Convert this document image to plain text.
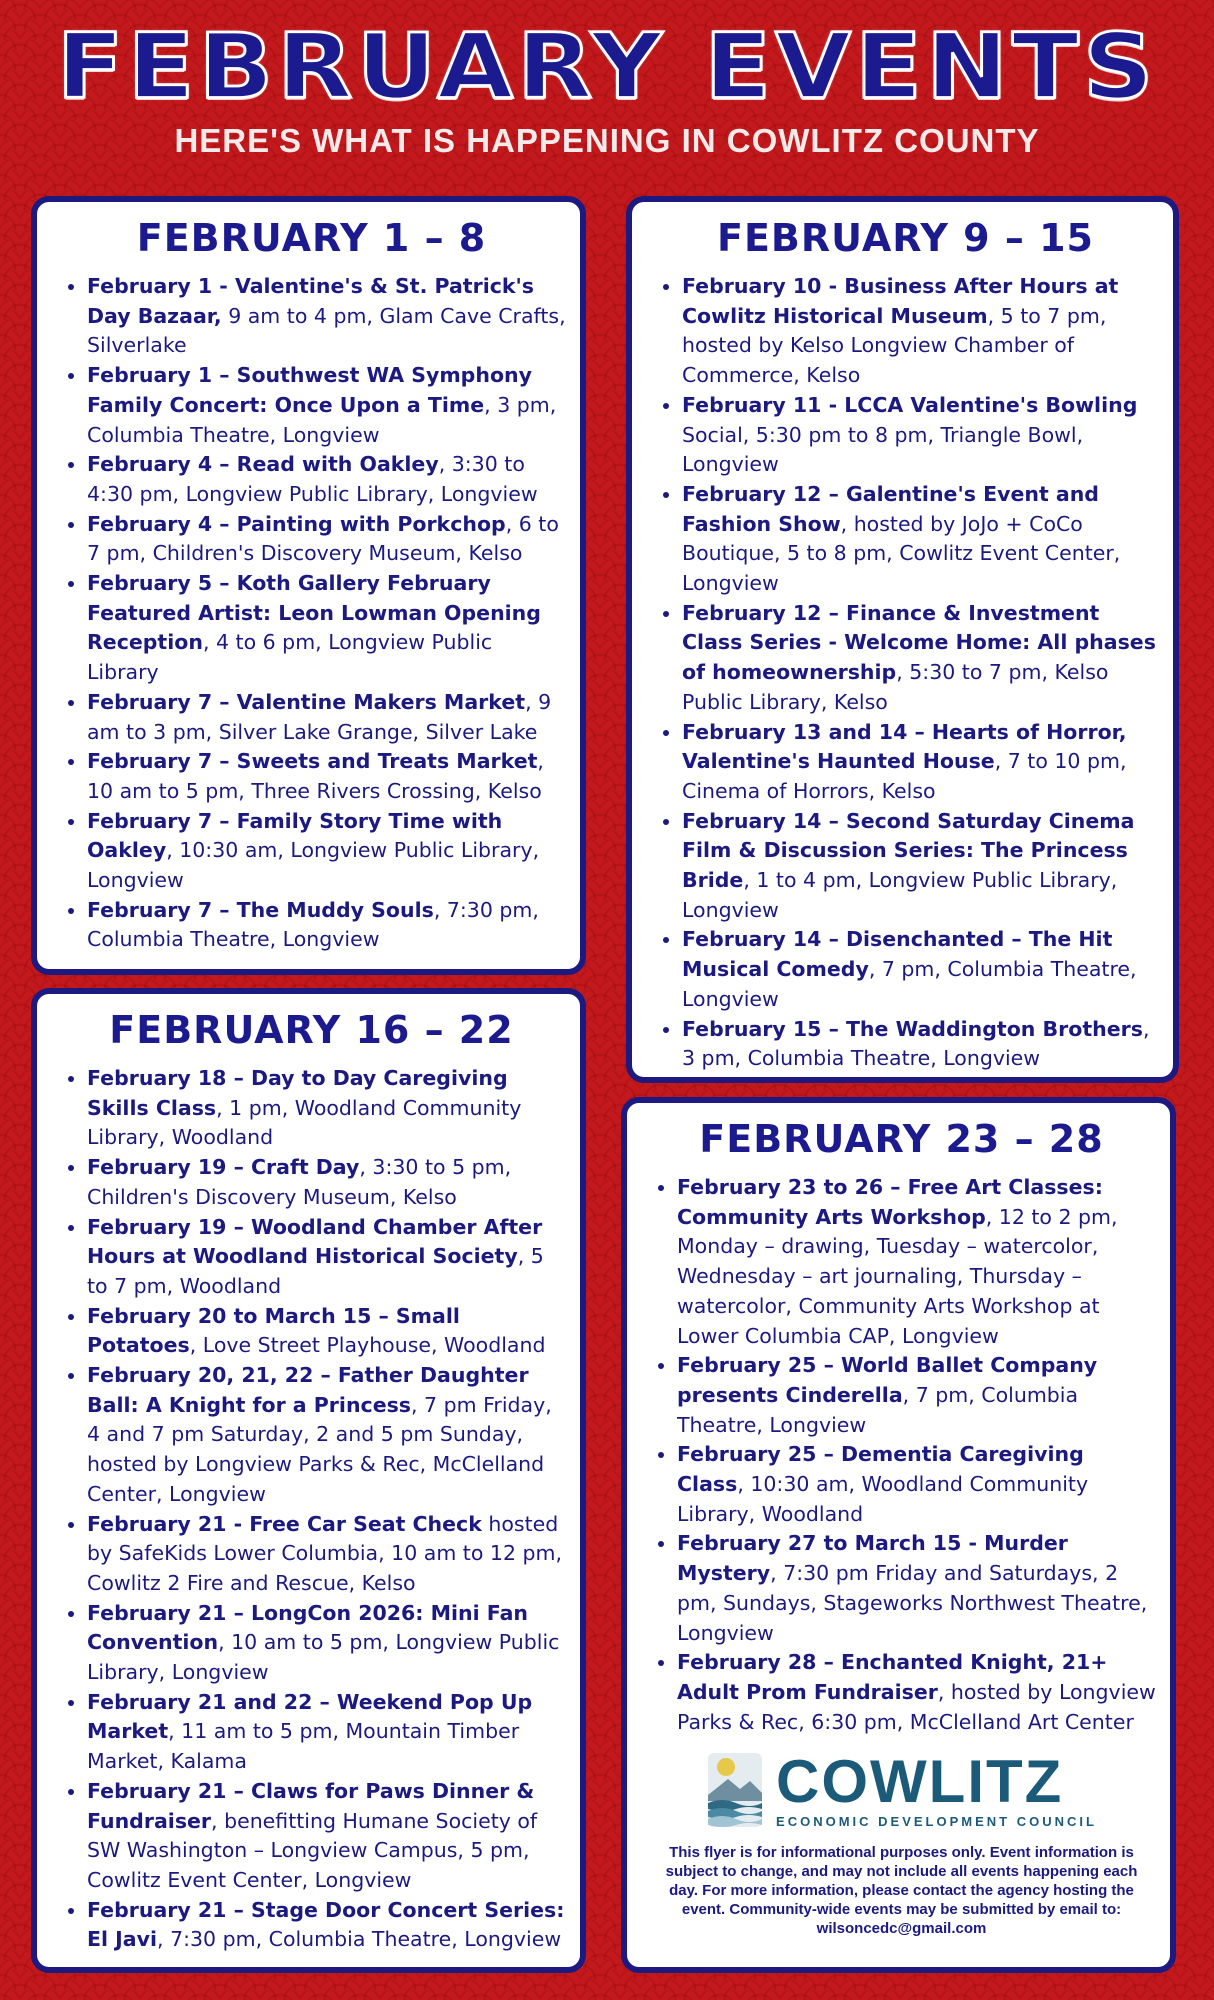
FEBRUARY EVENTS
HERE'S WHAT IS HAPPENING IN COWLITZ COUNTY
FEBRUARY 1 – 8
• February 1 - Valentine's & St. Patrick's Day Bazaar, 9 am to 4 pm, Glam Cave Crafts, Silverlake
• February 1 – Southwest WA Symphony Family Concert: Once Upon a Time, 3 pm, Columbia Theatre, Longview
• February 4 – Read with Oakley, 3:30 to 4:30 pm, Longview Public Library, Longview
• February 4 – Painting with Porkchop, 6 to 7 pm, Children's Discovery Museum, Kelso
• February 5 – Koth Gallery February Featured Artist: Leon Lowman Opening Reception, 4 to 6 pm, Longview Public Library
• February 7 – Valentine Makers Market, 9 am to 3 pm, Silver Lake Grange, Silver Lake
• February 7 – Sweets and Treats Market, 10 am to 5 pm, Three Rivers Crossing, Kelso
• February 7 – Family Story Time with Oakley, 10:30 am, Longview Public Library, Longview
• February 7 – The Muddy Souls, 7:30 pm, Columbia Theatre, Longview
FEBRUARY 9 – 15
• February 10 - Business After Hours at Cowlitz Historical Museum, 5 to 7 pm, hosted by Kelso Longview Chamber of Commerce, Kelso
• February 11 - LCCA Valentine's Bowling Social, 5:30 pm to 8 pm, Triangle Bowl, Longview
• February 12 – Galentine's Event and Fashion Show, hosted by JoJo + CoCo Boutique, 5 to 8 pm, Cowlitz Event Center, Longview
• February 12 – Finance & Investment Class Series - Welcome Home: All phases of homeownership, 5:30 to 7 pm, Kelso Public Library, Kelso
• February 13 and 14 – Hearts of Horror, Valentine's Haunted House, 7 to 10 pm, Cinema of Horrors, Kelso
• February 14 – Second Saturday Cinema Film & Discussion Series: The Princess Bride, 1 to 4 pm, Longview Public Library, Longview
• February 14 – Disenchanted – The Hit Musical Comedy, 7 pm, Columbia Theatre, Longview
• February 15 – The Waddington Brothers, 3 pm, Columbia Theatre, Longview
FEBRUARY 16 – 22
• February 18 – Day to Day Caregiving Skills Class, 1 pm, Woodland Community Library, Woodland
• February 19 – Craft Day, 3:30 to 5 pm, Children's Discovery Museum, Kelso
• February 19 – Woodland Chamber After Hours at Woodland Historical Society, 5 to 7 pm, Woodland
• February 20 to March 15 – Small Potatoes, Love Street Playhouse, Woodland
• February 20, 21, 22 – Father Daughter Ball: A Knight for a Princess, 7 pm Friday, 4 and 7 pm Saturday, 2 and 5 pm Sunday, hosted by Longview Parks & Rec, McClelland Center, Longview
• February 21 - Free Car Seat Check hosted by SafeKids Lower Columbia, 10 am to 12 pm, Cowlitz 2 Fire and Rescue, Kelso
• February 21 – LongCon 2026: Mini Fan Convention, 10 am to 5 pm, Longview Public Library, Longview
• February 21 and 22 – Weekend Pop Up Market, 11 am to 5 pm, Mountain Timber Market, Kalama
• February 21 – Claws for Paws Dinner & Fundraiser, benefitting Humane Society of SW Washington – Longview Campus, 5 pm, Cowlitz Event Center, Longview
• February 21 – Stage Door Concert Series: El Javi, 7:30 pm, Columbia Theatre, Longview
FEBRUARY 23 – 28
• February 23 to 26 – Free Art Classes: Community Arts Workshop, 12 to 2 pm, Monday – drawing, Tuesday – watercolor, Wednesday – art journaling, Thursday – watercolor, Community Arts Workshop at Lower Columbia CAP, Longview
• February 25 – World Ballet Company presents Cinderella, 7 pm, Columbia Theatre, Longview
• February 25 – Dementia Caregiving Class, 10:30 am, Woodland Community Library, Woodland
• February 27 to March 15 - Murder Mystery, 7:30 pm Friday and Saturdays, 2 pm, Sundays, Stageworks Northwest Theatre, Longview
• February 28 – Enchanted Knight, 21+ Adult Prom Fundraiser, hosted by Longview Parks & Rec, 6:30 pm, McClelland Art Center
COWLITZ
ECONOMIC DEVELOPMENT COUNCIL
This flyer is for informational purposes only. Event information is subject to change, and may not include all events happening each day. For more information, please contact the agency hosting the event. Community-wide events may be submitted by email to: wilsoncedc@gmail.com
